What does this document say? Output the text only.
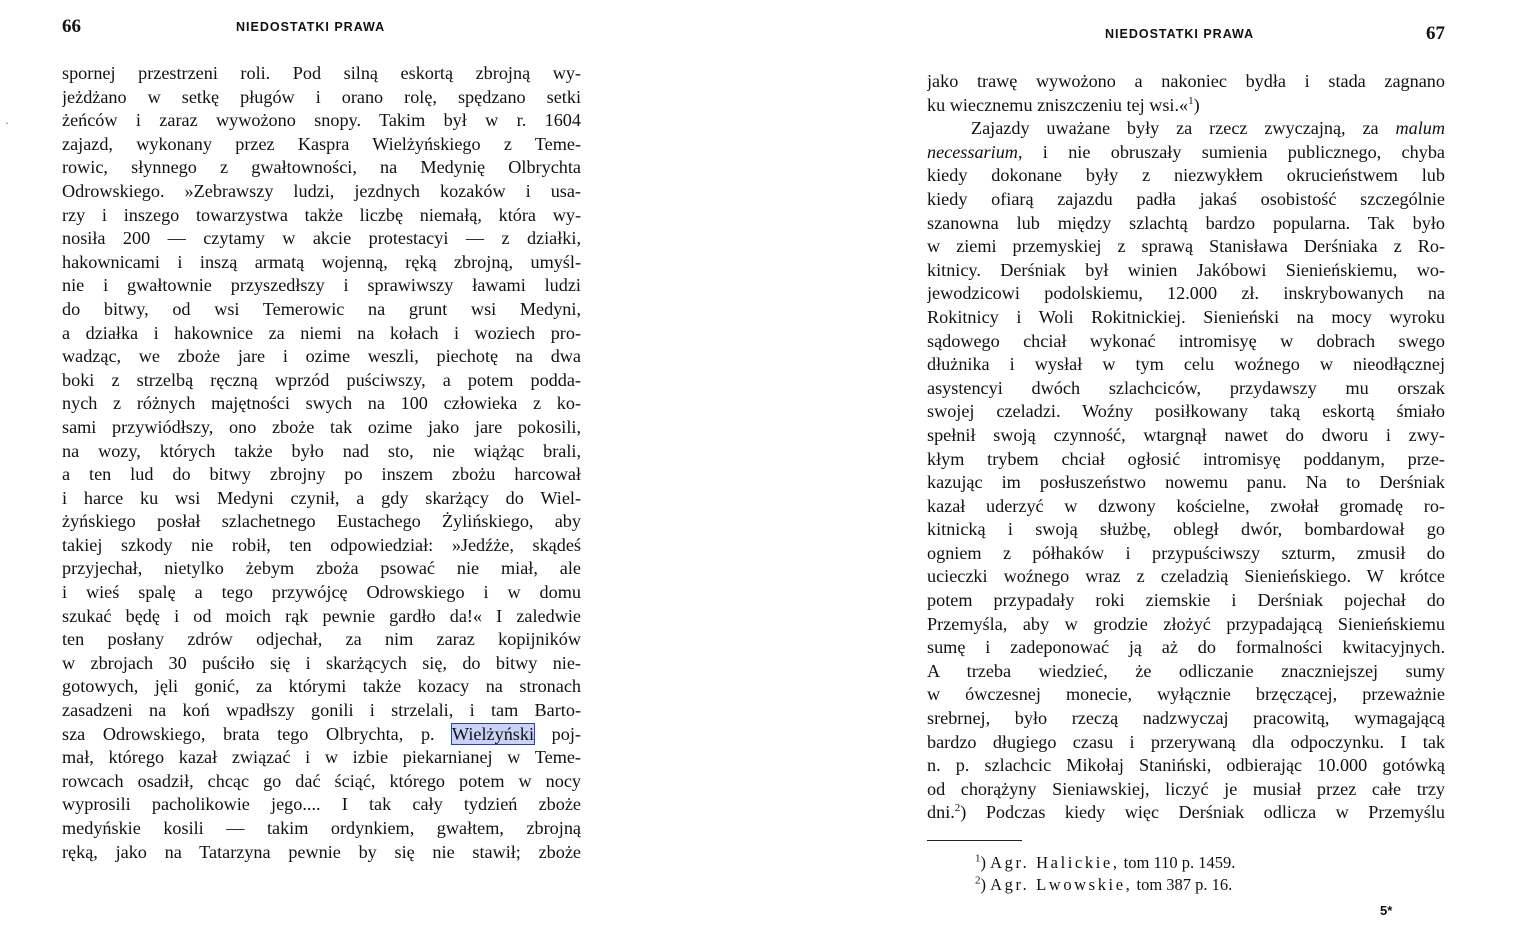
66	NIEDOSTATKI PRAWA
·
spornej przestrzeni roli. Pod silną eskortą zbrojną wy-
jeżdżano w setkę pługów i orano rolę, spędzano setki
żeńców i zaraz wywożono snopy. Takim był w r. 1604
zajazd, wykonany przez Kaspra Wielżyńskiego z Teme-
rowic, słynnego z gwałtowności, na Medynię Olbrychta
Odrowskiego. »Zebrawszy ludzi, jezdnych kozaków i usa-
rzy i inszego towarzystwa także liczbę niemałą, która wy-
nosiła 200 — czytamy w akcie protestacyi — z działki,
hakownicami i inszą armatą wojenną, ręką zbrojną, umyśl-
nie i gwałtownie przyszedłszy i sprawiwszy ławami ludzi
do bitwy, od wsi Temerowic na grunt wsi Medyni,
a działka i hakownice za niemi na kołach i woziech pro-
wadząc, we zboże jare i ozime weszli, piechotę na dwa
boki z strzelbą ręczną wprzód puściwszy, a potem podda-
nych z różnych majętności swych na 100 człowieka z ko-
sami przywiódłszy, ono zboże tak ozime jako jare pokosili,
na wozy, których także było nad sto, nie wiążąc brali,
a ten lud do bitwy zbrojny po inszem zbożu harcował
i harce ku wsi Medyni czynił, a gdy skarżący do Wiel-
żyńskiego posłał szlachetnego Eustachego Żylińskiego, aby
takiej szkody nie robił, ten odpowiedział: »Jedźże, skądeś
przyjechał, nietylko żebym zboża psować nie miał, ale
i wieś spalę a tego przywójcę Odrowskiego i w domu
szukać będę i od moich rąk pewnie gardło da!« I zaledwie
ten posłany zdrów odjechał, za nim zaraz kopijników
w zbrojach 30 puściło się i skarżących się, do bitwy nie-
gotowych, jęli gonić, za którymi także kozacy na stronach
zasadzeni na koń wpadłszy gonili i strzelali, i tam Barto-
sza Odrowskiego, brata tego Olbrychta, p. Wielżyński poj-
mał, którego kazał związać i w izbie piekarnianej w Teme-
rowcach osadził, chcąc go dać ściąć, którego potem w nocy
wyprosili pacholikowie jego.... I tak cały tydzień zboże
medyńskie kosili — takim ordynkiem, gwałtem, zbrojną
ręką, jako na Tatarzyna pewnie by się nie stawił; zboże
NIEDOSTATKI PRAWA	67
jako trawę wywożono a nakoniec bydła i stada zagnano
ku wiecznemu zniszczeniu tej wsi.«$^1$)
Zajazdy uważane były za rzecz zwyczajną, za malum
necessarium, i nie obruszały sumienia publicznego, chyba
kiedy dokonane były z niezwykłem okrucieństwem lub
kiedy ofiarą zajazdu padła jakaś osobistość szczególnie
szanowna lub między szlachtą bardzo popularna. Tak było
w ziemi przemyskiej z sprawą Stanisława Derśniaka z Ro-
kitnicy. Derśniak był winien Jakóbowi Sienieńskiemu, wo-
jewodzicowi podolskiemu, 12.000 zł. inskrybowanych na
Rokitnicy i Woli Rokitnickiej. Sienieński na mocy wyroku
sądowego chciał wykonać intromisyę w dobrach swego
dłużnika i wysłał w tym celu woźnego w nieodłącznej
asystencyi dwóch szlachciców, przydawszy mu orszak
swojej czeladzi. Woźny posiłkowany taką eskortą śmiało
spełnił swoją czynność, wtargnął nawet do dworu i zwy-
kłym trybem chciał ogłosić intromisyę poddanym, prze-
kazując im posłuszeństwo nowemu panu. Na to Derśniak
kazał uderzyć w dzwony kościelne, zwołał gromadę ro-
kitnicką i swoją służbę, obległ dwór, bombardował go
ogniem z półhaków i przypuściwszy szturm, zmusił do
ucieczki woźnego wraz z czeladzią Sienieńskiego. W krótce
potem przypadały roki ziemskie i Derśniak pojechał do
Przemyśla, aby w grodzie złożyć przypadającą Sienieńskiemu
sumę i zadeponować ją aż do formalności kwitacyjnych.
A trzeba wiedzieć, że odliczanie znaczniejszej sumy
w ówczesnej monecie, wyłącznie brzęczącej, przeważnie
srebrnej, było rzeczą nadzwyczaj pracowitą, wymagającą
bardzo długiego czasu i przerywaną dla odpoczynku. I tak
n. p. szlachcic Mikołaj Staniński, odbierając 10.000 gotówką
od chorążyny Sieniawskiej, liczyć je musiał przez całe trzy
dni.$^2$) Podczas kiedy więc Derśniak odlicza w Przemyślu
$^1$) Agr. Halickie, tom 110 p. 1459.
$^2$) Agr. Lwowskie, tom 387 p. 16.
5*
